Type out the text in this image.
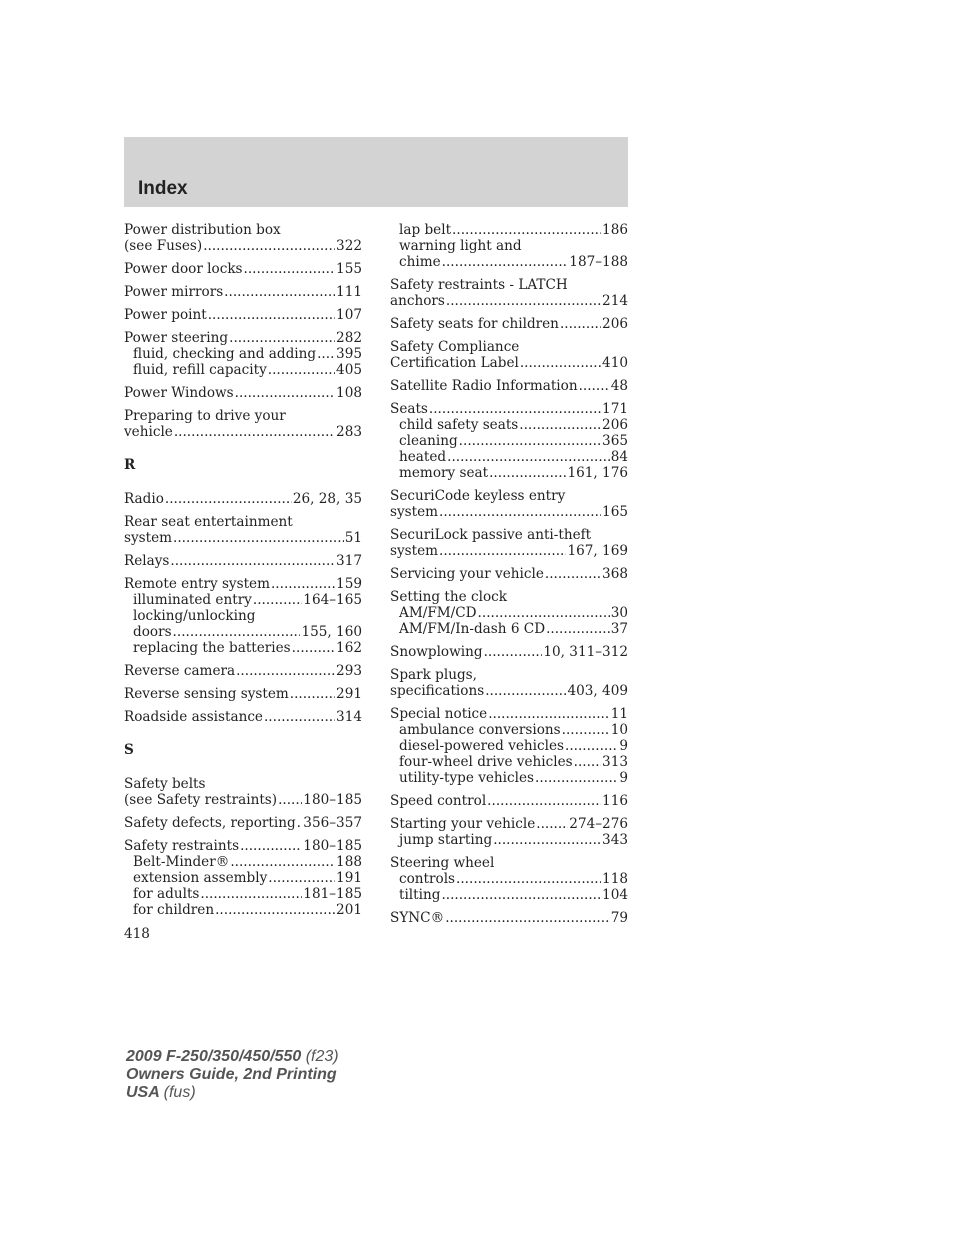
Index
Power distribution box
(see Fuses) .....	322
Power door locks .....	155
Power mirrors .....	111
Power point .....	107
Power steering .....	282
fluid, checking and adding ..... 395
fluid, refill capacity .....	405
Power Windows .....	108
Preparing to drive your
vehicle .....	283
R
Radio .....	26, 28, 35
Rear seat entertainment
system .....	51
Relays .....	317
Remote entry system .....	159
illuminated entry .....	164–165
locking/unlocking
doors .....	155, 160
replacing the batteries .....	162
Reverse camera .....	293
Reverse sensing system .....	291
Roadside assistance .....	314
S
Safety belts
(see Safety restraints) ..... 180–185
Safety defects, reporting ..... 356–357
Safety restraints .....	180–185
Belt-Minder® .....	188
extension assembly .....	191
for adults .....	181–185
for children .....	201
lap belt .....	186
warning light and
chime .....	187–188
Safety restraints - LATCH
anchors .....	214
Safety seats for children .....	206
Safety Compliance
Certification Label .....	410
Satellite Radio Information ..... 48
Seats .....	171
child safety seats .....	206
cleaning .....	365
heated .....	84
memory seat .....	161, 176
SecuriCode keyless entry
system .....	165
SecuriLock passive anti-theft
system .....	167, 169
Servicing your vehicle .....	368
Setting the clock
AM/FM/CD .....	30
AM/FM/In-dash 6 CD .....	37
Snowplowing .....	10, 311–312
Spark plugs,
specifications .....	403, 409
Special notice .....	11
ambulance conversions .....	10
diesel-powered vehicles .....	9
four-wheel drive vehicles ..... 313
utility-type vehicles .....	9
Speed control .....	116
Starting your vehicle .....	274–276
jump starting .....	343
Steering wheel
controls .....	118
tilting .....	104
SYNC® .....	79
418
2009 F-250/350/450/550 (f23)
Owners Guide, 2nd Printing
USA (fus)
